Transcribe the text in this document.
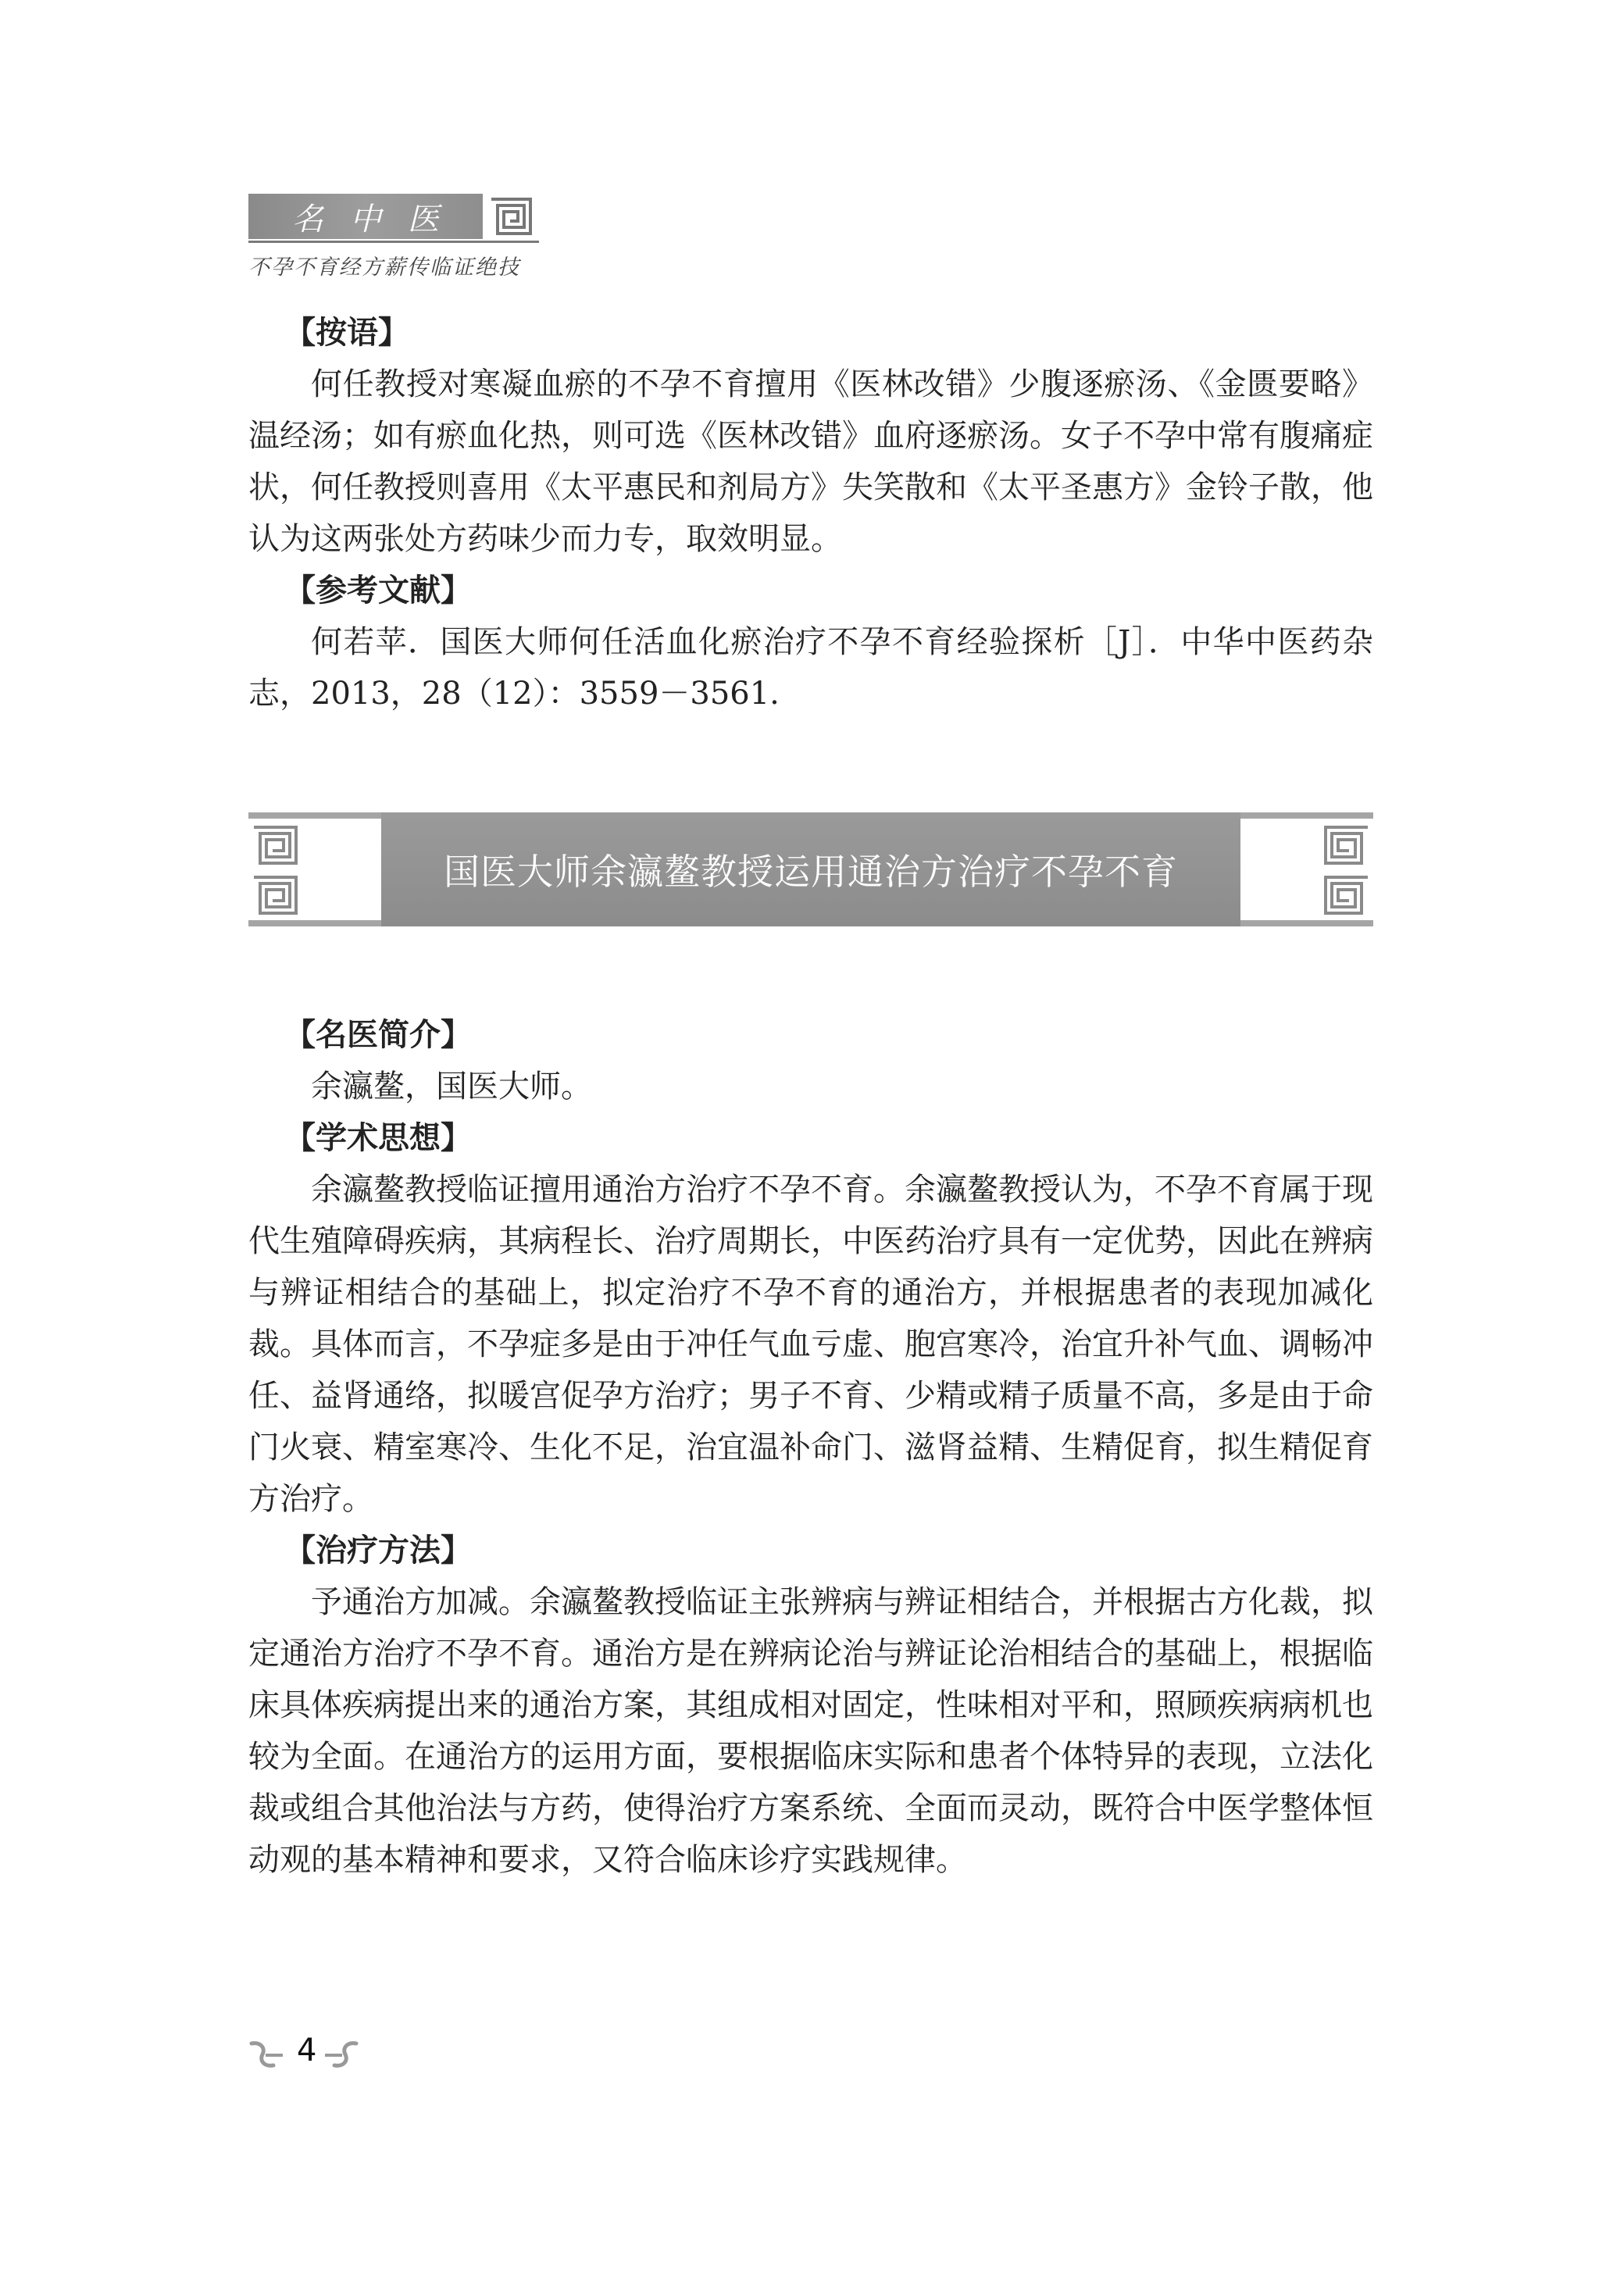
名中医
不孕不育经方薪传临证绝技
【按语】

何任教授对寒凝血瘀的不孕不育擅用《医林改错》少腹逐瘀汤、《金匮要略》温经汤；如有瘀血化热，则可选《医林改错》血府逐瘀汤。女子不孕中常有腹痛症状，何任教授则喜用《太平惠民和剂局方》失笑散和《太平圣惠方》金铃子散，他认为这两张处方药味少而力专，取效明显。

【参考文献】

何若苹．国医大师何任活血化瘀治疗不孕不育经验探析［J］．中华中医药杂志，2013，28（12）：3559－3561.

国医大师余瀛鳌教授运用通治方治疗不孕不育
【名医简介】

余瀛鳌，国医大师。

【学术思想】

余瀛鳌教授临证擅用通治方治疗不孕不育。余瀛鳌教授认为，不孕不育属于现代生殖障碍疾病，其病程长、治疗周期长，中医药治疗具有一定优势，因此在辨病与辨证相结合的基础上，拟定治疗不孕不育的通治方，并根据患者的表现加减化裁。具体而言，不孕症多是由于冲任气血亏虚、胞宫寒冷，治宜升补气血、调畅冲任、益肾通络，拟暖宫促孕方治疗；男子不育、少精或精子质量不高，多是由于命门火衰、精室寒冷、生化不足，治宜温补命门、滋肾益精、生精促育，拟生精促育方治疗。

【治疗方法】

予通治方加减。余瀛鳌教授临证主张辨病与辨证相结合，并根据古方化裁，拟定通治方治疗不孕不育。通治方是在辨病论治与辨证论治相结合的基础上，根据临床具体疾病提出来的通治方案，其组成相对固定，性味相对平和，照顾疾病病机也较为全面。在通治方的运用方面，要根据临床实际和患者个体特异的表现，立法化裁或组合其他治法与方药，使得治疗方案系统、全面而灵动，既符合中医学整体恒动观的基本精神和要求，又符合临床诊疗实践规律。

4
